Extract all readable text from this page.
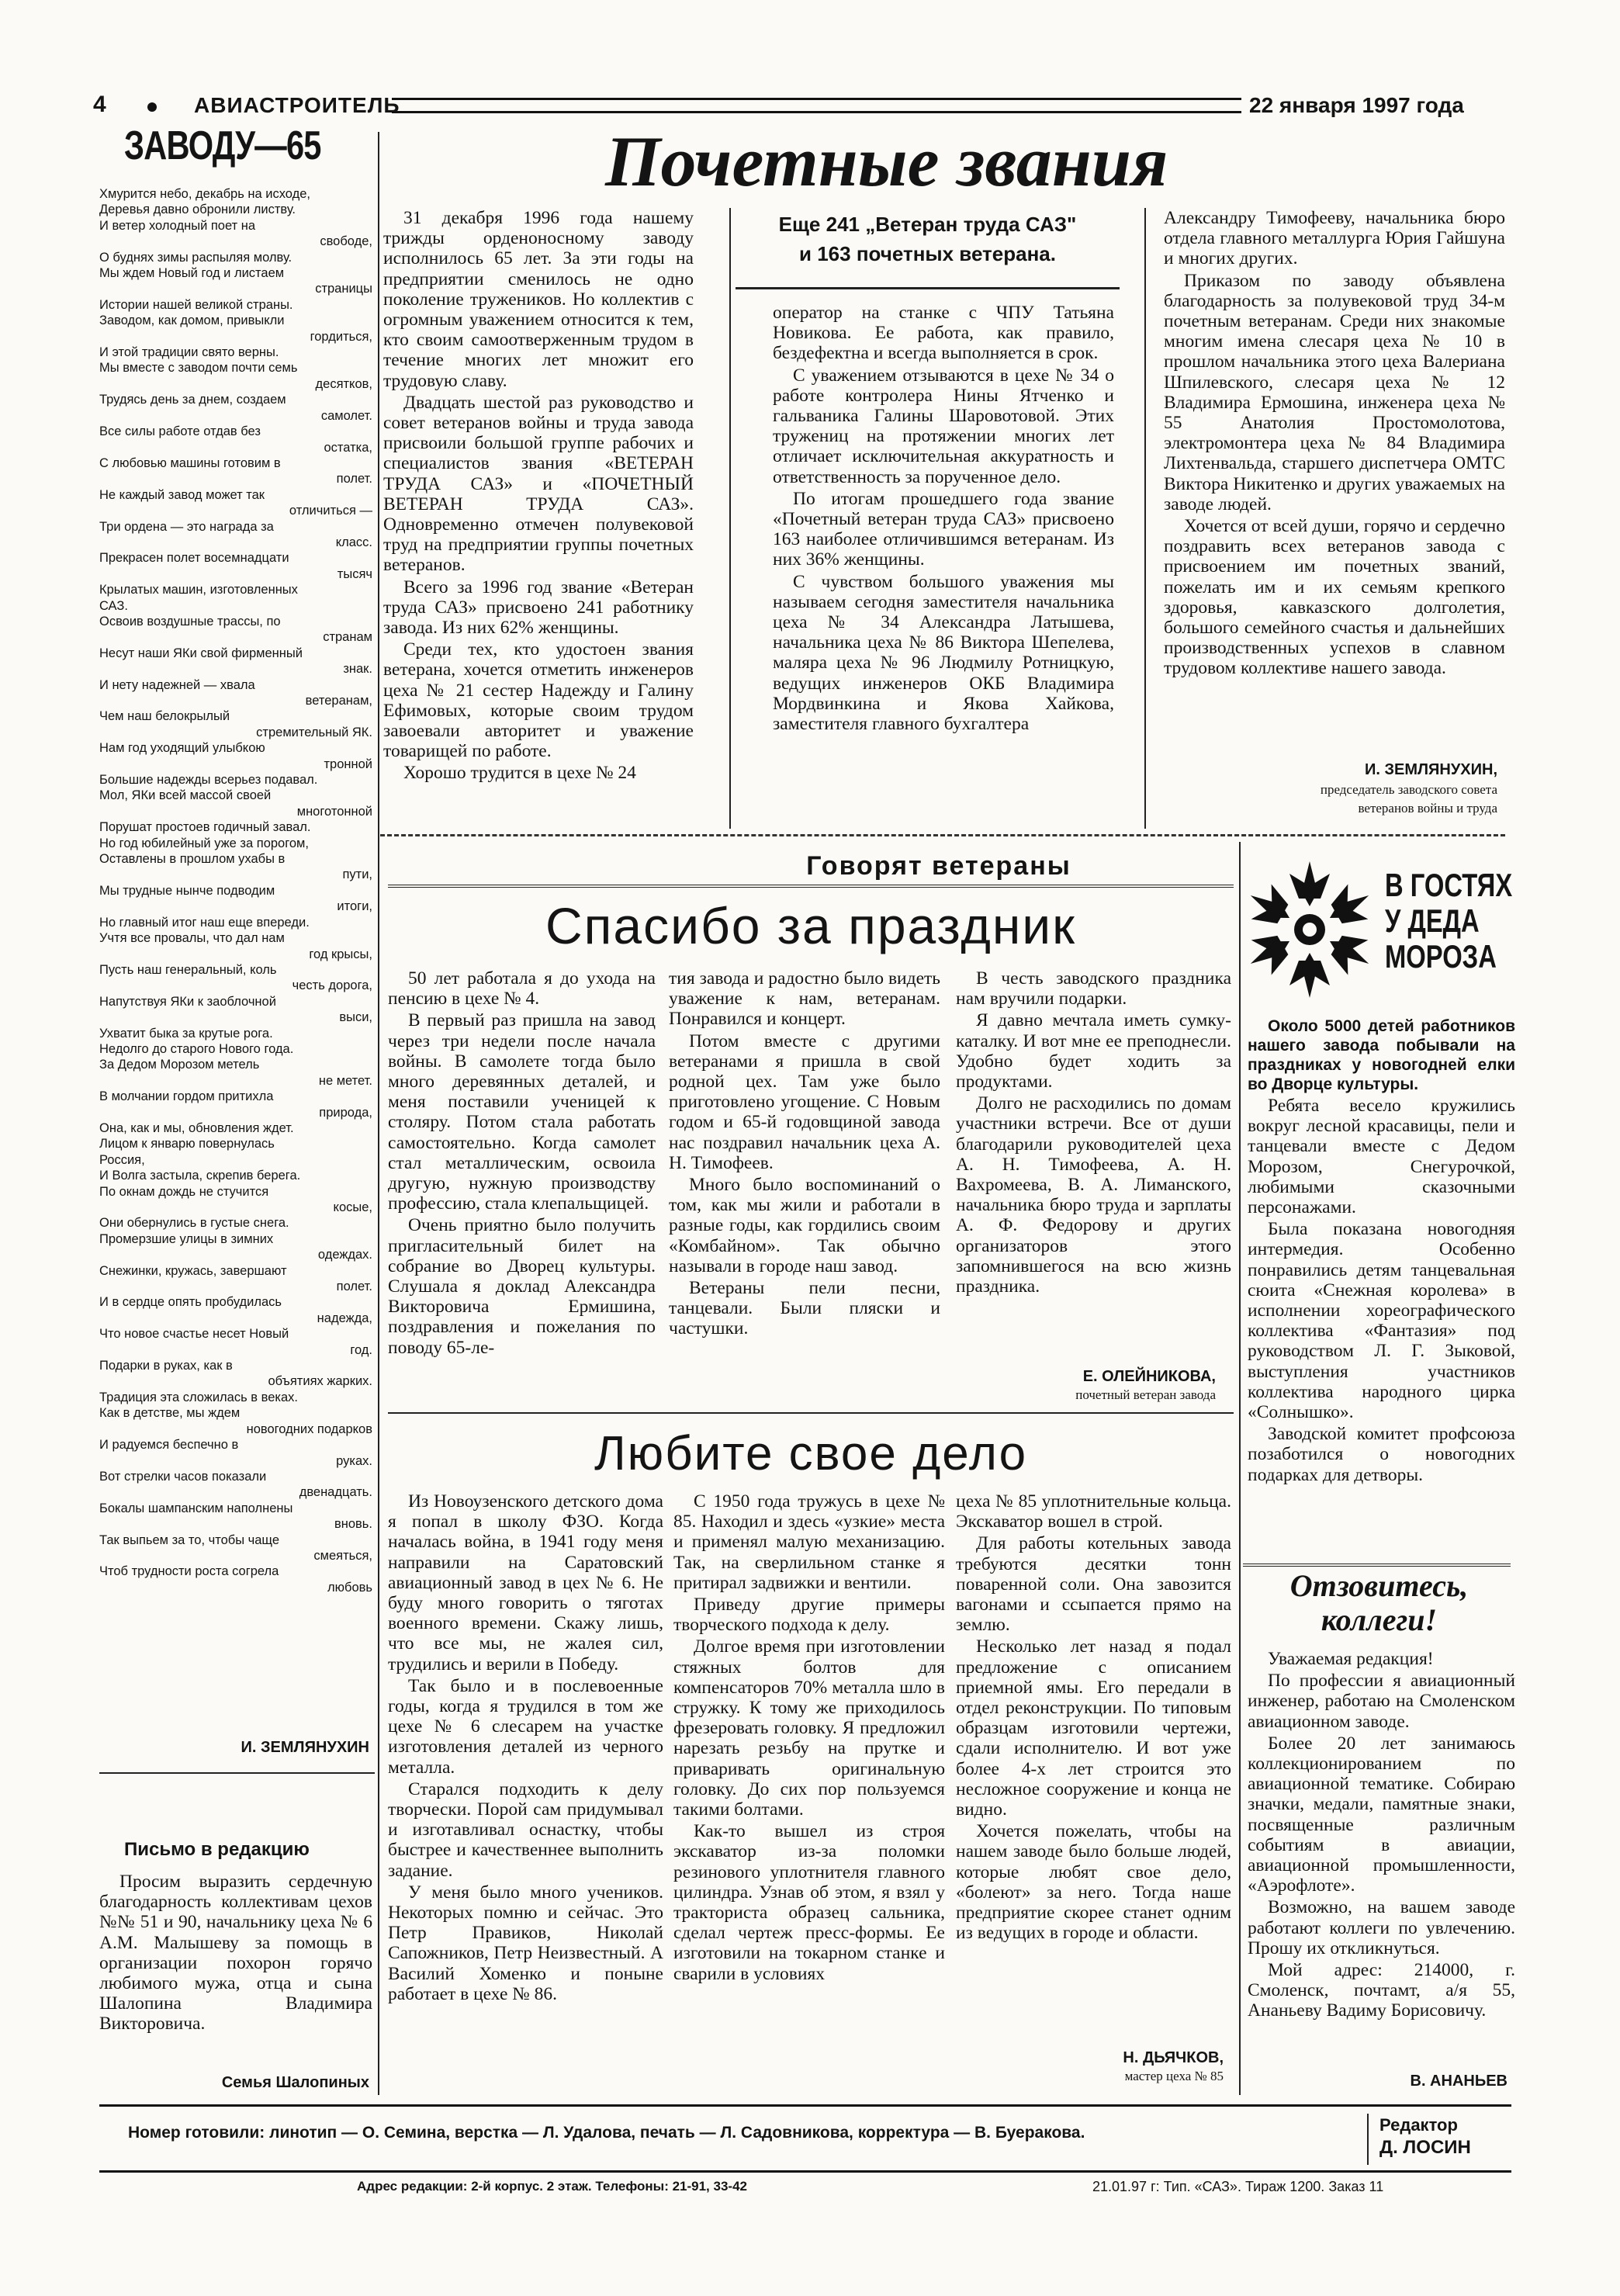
4	АВИАСТРОИТЕЛЬ	22 января 1997 года
ЗАВОДУ—65
Хмурится небо, декабрь на исходе,
Деревья давно обронили листву.
И ветер холодный поет на
свободе,
О буднях зимы распыляя молву.
Мы ждем Новый год и листаем
страницы
Истории нашей великой страны.
Заводом, как домом, привыкли
гордиться,
И этой традиции свято верны.
Мы вместе с заводом почти семь
десятков,
Трудясь день за днем, создаем
самолет.
Все силы работе отдав без
остатка,
С любовью машины готовим в
полет.
Не каждый завод может так
отличиться —
Три ордена — это награда за
класс.
Прекрасен полет восемнадцати
тысяч
Крылатых машин, изготовленных
САЗ.
Освоив воздушные трассы, по
странам
Несут наши ЯКи свой фирменный
знак.
И нету надежней — хвала
ветеранам,
Чем наш белокрылый
стремительный ЯК.
Нам год уходящий улыбкою
тронной
Большие надежды всерьез подавал.
Мол, ЯКи всей массой своей
многотонной
Порушат простоев годичный завал.
Но год юбилейный уже за порогом,
Оставлены в прошлом ухабы в
пути,
Мы трудные нынче подводим
итоги,
Но главный итог наш еще впереди.
Учтя все провалы, что дал нам
год крысы,
Пусть наш генеральный, коль
честь дорога,
Напутствуя ЯКи к заоблочной
выси,
Ухватит быка за крутые рога.
Недолго до старого Нового года.
За Дедом Морозом метель
не метет.
В молчании гордом притихла
природа,
Она, как и мы, обновления ждет.
Лицом к январю повернулась
Россия,
И Волга застыла, скрепив берега.
По окнам дождь не стучится
косые,
Они обернулись в густые снега.
Промерзшие улицы в зимних
одеждах.
Снежинки, кружась, завершают
полет.
И в сердце опять пробудилась
надежда,
Что новое счастье несет Новый
год.
Подарки в руках, как в
объятиях жарких.
Традиция эта сложилась в веках.
Как в детстве, мы ждем
новогодних подарков
И радуемся беспечно в
руках.
Вот стрелки часов показали
двенадцать.
Бокалы шампанским наполнены
вновь.
Так выпьем за то, чтобы чаще
смеяться,
Чтоб трудности роста согрела
любовь
И. ЗЕМЛЯНУХИН
Письмо в редакцию
Просим выразить сердечную благодарность коллективам цехов №№ 51 и 90, начальнику цеха № 6 А.М. Малышеву за помощь в организации похорон горячо любимого мужа, отца и сына Шалопина Владимира Викторовича.
Семья Шалопиных
Почетные звания

31 декабря 1996 года нашему трижды орденоносному заводу исполнилось 65 лет. За эти годы на предприятии сменилось не одно поколение тружеников. Но коллектив с огромным уважением относится к тем, кто своим самоотверженным трудом в течение многих лет множит его трудовую славу.

Двадцать шестой раз руководство и совет ветеранов войны и труда завода присвоили большой группе рабочих и специалистов звания «ВЕТЕРАН ТРУДА САЗ» и «ПОЧЕТНЫЙ ВЕТЕРАН ТРУДА САЗ». Одновременно отмечен полувековой труд на предприятии группы почетных ветеранов.

Всего за 1996 год звание «Ветеран труда САЗ» присвоено 241 работнику завода. Из них 62% женщины.

Среди тех, кто удостоен звания ветерана, хочется отметить инженеров цеха № 21 сестер Надежду и Галину Ефимовых, которые своим трудом завоевали авторитет и уважение товарищей по работе.

Хорошо трудится в цехе № 24

Еще 241 „Ветеран труда САЗ"
и 163 почетных ветерана.

оператор на станке с ЧПУ Татьяна Новикова. Ее работа, как правило, бездефектна и всегда выполняется в срок.

С уважением отзываются в цехе № 34 о работе контролера Нины Ятченко и гальваника Галины Шаровотовой. Этих тружениц на протяжении многих лет отличает исключительная аккуратность и ответственность за порученное дело.

По итогам прошедшего года звание «Почетный ветеран труда САЗ» присвоено 163 наиболее отличившимся ветеранам. Из них 36% женщины.

С чувством большого уважения мы называем сегодня заместителя начальника цеха № 34 Александра Латышева, начальника цеха № 86 Виктора Шепелева, маляра цеха № 96 Людмилу Ротницкую, ведущих инженеров ОКБ Владимира Мордвинкина и Якова Хайкова, заместителя главного бухгалтера

Александру Тимофееву, начальника бюро отдела главного металлурга Юрия Гайшуна и многих других.

Приказом по заводу объявлена благодарность за полувековой труд 34-м почетным ветеранам. Среди них знакомые многим имена слесаря цеха № 10 в прошлом начальника этого цеха Валериана Шпилевского, слесаря цеха № 12 Владимира Ермошина, инженера цеха № 55 Анатолия Простомолотова, электромонтера цеха № 84 Владимира Лихтенвальда, старшего диспетчера ОМТС Виктора Никитенко и других уважаемых на заводе людей.

Хочется от всей души, горячо и сердечно поздравить всех ветеранов завода с присвоением им почетных званий, пожелать им и их семьям крепкого здоровья, кавказского долголетия, большого семейного счастья и дальнейших производственных успехов в славном трудовом коллективе нашего завода.

И. ЗЕМЛЯНУХИН,
председатель заводского совета
ветеранов войны и труда
Говорят ветераны
Спасибо за праздник

50 лет работала я до ухода на пенсию в цехе № 4.

В первый раз пришла на завод через три недели после начала войны. В самолете тогда было много деревянных деталей, и меня поставили ученицей к столяру. Потом стала работать самостоятельно. Когда самолет стал металлическим, освоила другую, нужную производству профессию, стала клепальщицей.

Очень приятно было получить пригласительный билет на собрание во Дворец культуры. Слушала я доклад Александра Викторовича Ермишина, поздравления и пожелания по поводу 65-ле-

тия завода и радостно было видеть уважение к нам, ветеранам. Понравился и концерт.

Потом вместе с другими ветеранами я пришла в свой родной цех. Там уже было приготовлено угощение. С Новым годом и 65-й годовщиной завода нас поздравил начальник цеха А. Н. Тимофеев.

Много было воспоминаний о том, как мы жили и работали в разные годы, как гордились своим «Комбайном». Так обычно называли в городе наш завод.

Ветераны пели песни, танцевали. Были пляски и частушки.

В честь заводского праздника нам вручили подарки.

Я давно мечтала иметь сумку-каталку. И вот мне ее преподнесли. Удобно будет ходить за продуктами.

Долго не расходились по домам участники встречи. Все от души благодарили руководителей цеха А. Н. Тимофеева, А. Н. Вахромеева, В. А. Лиманского, начальника бюро труда и зарплаты А. Ф. Федорову и других организаторов этого запомнившегося на всю жизнь праздника.

Е. ОЛЕЙНИКОВА,
почетный ветеран завода
Любите свое дело

Из Новоузенского детского дома я попал в школу ФЗО. Когда началась война, в 1941 году меня направили на Саратовский авиационный завод в цех № 6. Не буду много говорить о тяготах военного времени. Скажу лишь, что все мы, не жалея сил, трудились и верили в Победу.

Так было и в послевоенные годы, когда я трудился в том же цехе № 6 слесарем на участке изготовления деталей из черного металла.

Старался подходить к делу творчески. Порой сам придумывал и изготавливал оснастку, чтобы быстрее и качественнее выполнить задание.

У меня было много учеников. Некоторых помню и сейчас. Это Петр Правиков, Николай Сапожников, Петр Неизвестный. А Василий Хоменко и поныне работает в цехе № 86.

С 1950 года тружусь в цехе № 85. Находил и здесь «узкие» места и применял малую механизацию. Так, на сверлильном станке я притирал задвижки и вентили.

Приведу другие примеры творческого подхода к делу.

Долгое время при изготовлении стяжных болтов для компенсаторов 70% металла шло в стружку. К тому же приходилось фрезеровать головку. Я предложил нарезать резьбу на прутке и приваривать оригинальную головку. До сих пор пользуемся такими болтами.

Как-то вышел из строя экскаватор из-за поломки резинового уплотнителя главного цилиндра. Узнав об этом, я взял у тракториста образец сальника, сделал чертеж пресс-формы. Ее изготовили на токарном станке и сварили в условиях

цеха № 85 уплотнительные кольца. Экскаватор вошел в строй.

Для работы котельных завода требуются десятки тонн поваренной соли. Она завозится вагонами и ссыпается прямо на землю.

Несколько лет назад я подал предложение с описанием приемной ямы. Его передали в отдел реконструкции. По типовым образцам изготовили чертежи, сдали исполнителю. И вот уже более 4-х лет строится это несложное сооружение и конца не видно.

Хочется пожелать, чтобы на нашем заводе было больше людей, которые любят свое дело, «болеют» за него. Тогда наше предприятие скорее станет одним из ведущих в городе и области.

Н. ДЬЯЧКОВ,
мастер цеха № 85
В ГОСТЯХ
У ДЕДА
МОРОЗА

Около 5000 детей работников нашего завода побывали на праздниках у новогодней елки во Дворце культуры.

Ребята весело кружились вокруг лесной красавицы, пели и танцевали вместе с Дедом Морозом, Снегурочкой, любимыми сказочными персонажами.

Была показана новогодняя интермедия. Особенно понравились детям танцевальная сюита «Снежная королева» в исполнении хореографического коллектива «Фантазия» под руководством Л. Г. Зыковой, выступления участников коллектива народного цирка «Солнышко».

Заводской комитет профсоюза позаботился о новогодних подарках для детворы.

Отзовитесь,
коллеги!

Уважаемая редакция!

По профессии я авиационный инженер, работаю на Смоленском авиационном заводе.

Более 20 лет занимаюсь коллекционированием по авиационной тематике. Собираю значки, медали, памятные знаки, посвященные различным событиям в авиации, авиационной промышленности, «Аэрофлоте».

Возможно, на вашем заводе работают коллеги по увлечению. Прошу их откликнуться.

Мой адрес: 214000, г. Смоленск, почтамт, а/я 55, Ананьеву Вадиму Борисовичу.

В. АНАНЬЕВ
Номер готовили: линотип — О. Семина, верстка — Л. Удалова, печать — Л. Садовникова, корректура — В. Буеракова.	Редактор
Д. ЛОСИН
Адрес редакции: 2-й корпус. 2 этаж. Телефоны: 21-91, 33-42	21.01.97 г: Тип. «САЗ». Тираж 1200. Заказ 11
